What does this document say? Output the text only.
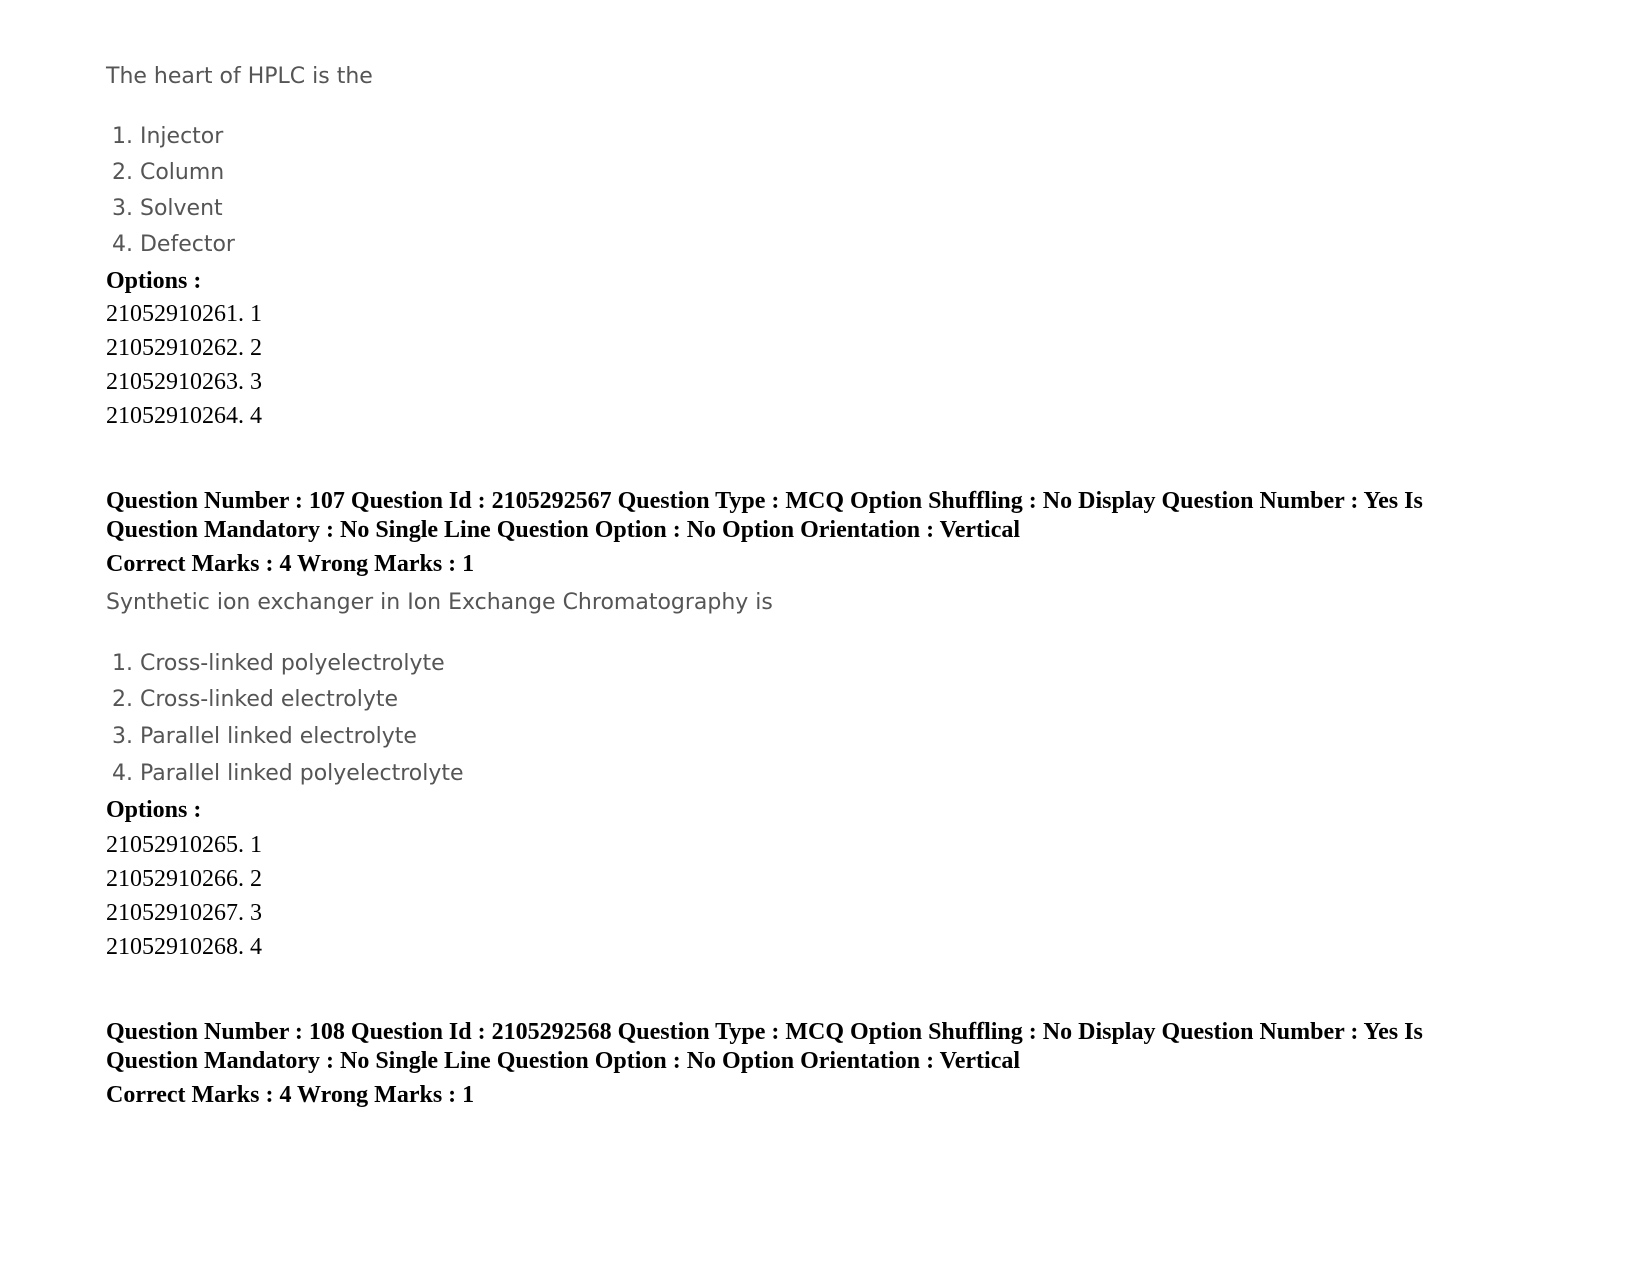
The heart of HPLC is the
1. Injector
2. Column
3. Solvent
4. Defector
Options :
21052910261. 1
21052910262. 2
21052910263. 3
21052910264. 4
Question Number : 107 Question Id : 2105292567 Question Type : MCQ Option Shuffling : No Display Question Number : Yes Is
Question Mandatory : No Single Line Question Option : No Option Orientation : Vertical
Correct Marks : 4 Wrong Marks : 1
Synthetic ion exchanger in Ion Exchange Chromatography is
1. Cross-linked polyelectrolyte
2. Cross-linked electrolyte
3. Parallel linked electrolyte
4. Parallel linked polyelectrolyte
Options :
21052910265. 1
21052910266. 2
21052910267. 3
21052910268. 4
Question Number : 108 Question Id : 2105292568 Question Type : MCQ Option Shuffling : No Display Question Number : Yes Is
Question Mandatory : No Single Line Question Option : No Option Orientation : Vertical
Correct Marks : 4 Wrong Marks : 1
